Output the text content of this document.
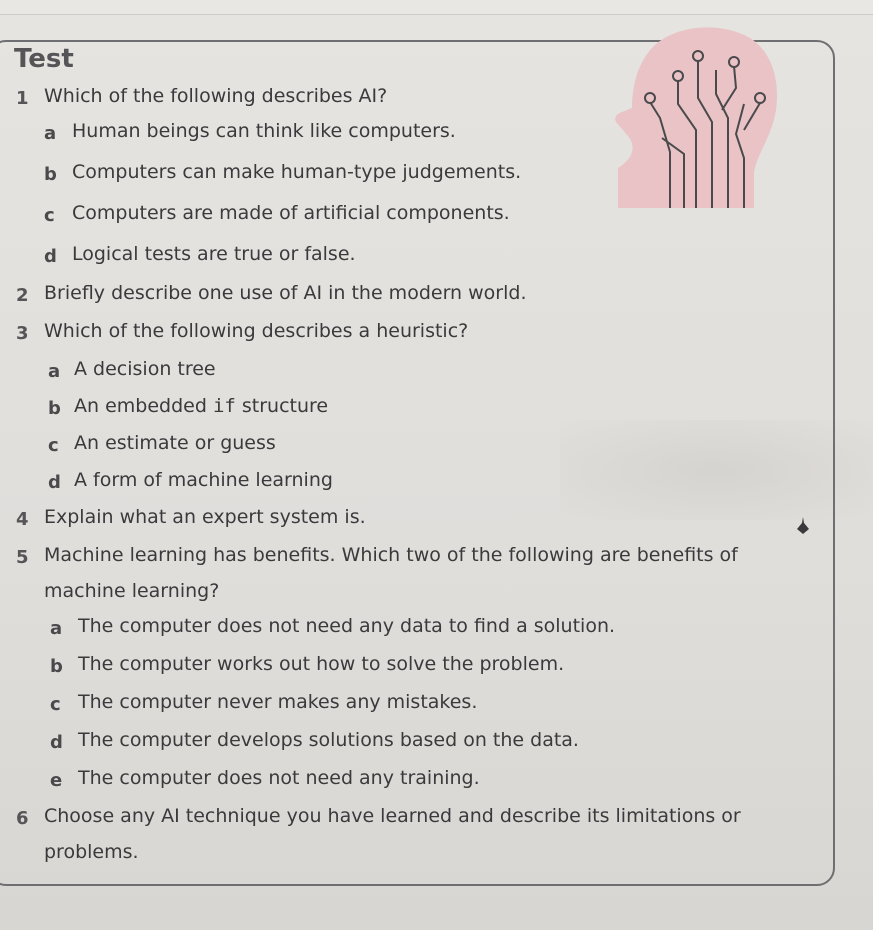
Test
1 Which of the following describes AI?
a Human beings can think like computers.
b Computers can make human-type judgements.
c Computers are made of artificial components.
d Logical tests are true or false.
2 Briefly describe one use of AI in the modern world.
3 Which of the following describes a heuristic?
a A decision tree
b An embedded if structure
c An estimate or guess
d A form of machine learning
4 Explain what an expert system is.
5 Machine learning has benefits. Which two of the following are benefits of
machine learning?
a The computer does not need any data to find a solution.
b The computer works out how to solve the problem.
c The computer never makes any mistakes.
d The computer develops solutions based on the data.
e The computer does not need any training.
6 Choose any AI technique you have learned and describe its limitations or
problems.
